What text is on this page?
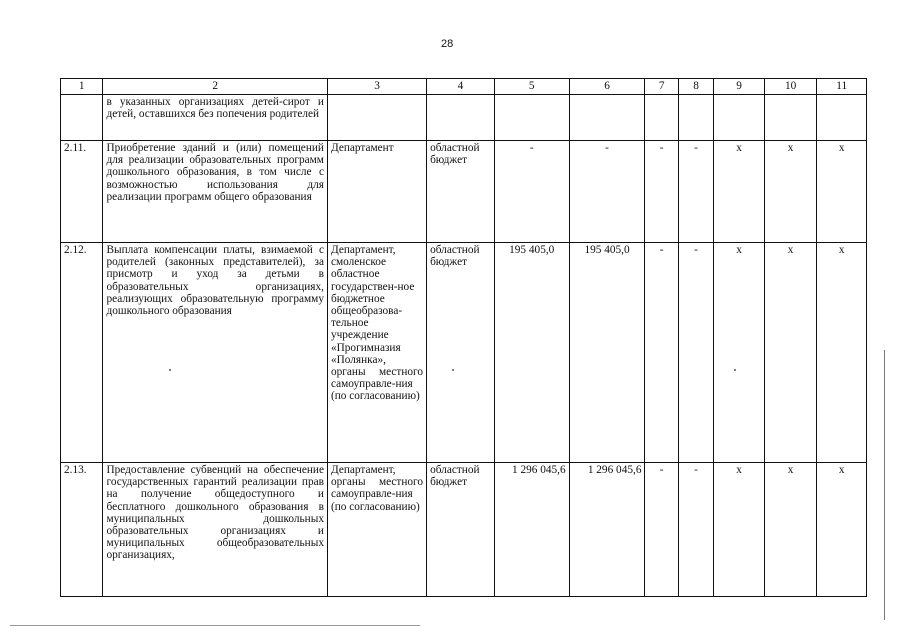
28
1	2	3	4	5	6	7	8	9	10	11
	в указанных организациях детей-сирот и детей, оставшихся без попечения родителей									
2.11.	Приобретение зданий и (или) помещений для реализации образовательных программ дошкольного образования, в том числе с возможностью использования для реализации программ общего образования	Департамент	областной бюджет	-	-	-	-	х	х	х
2.12.	Выплата компенсации платы, взимаемой с родителей (законных представителей), за присмотр и уход за детьми в образовательных организациях, реализующих образовательную программу дошкольного образования	Департамент, смоленское областное государствен-ное бюджетное общеобразова-тельное учреждение «Прогимназия «Полянка», органы местного самоуправле-ния (по согласованию)	областной бюджет	195 405,0	195 405,0	-	-	х	х	х
2.13.	Предоставление субвенций на обеспечение государственных гарантий реализации прав на получение общедоступного и бесплатного дошкольного образования в муниципальных дошкольных образовательных организациях и муниципальных общеобразовательных организациях,	Департамент, органы местного самоуправле-ния (по согласованию)	областной бюджет	1 296 045,6	1 296 045,6	-	-	х	х	х
